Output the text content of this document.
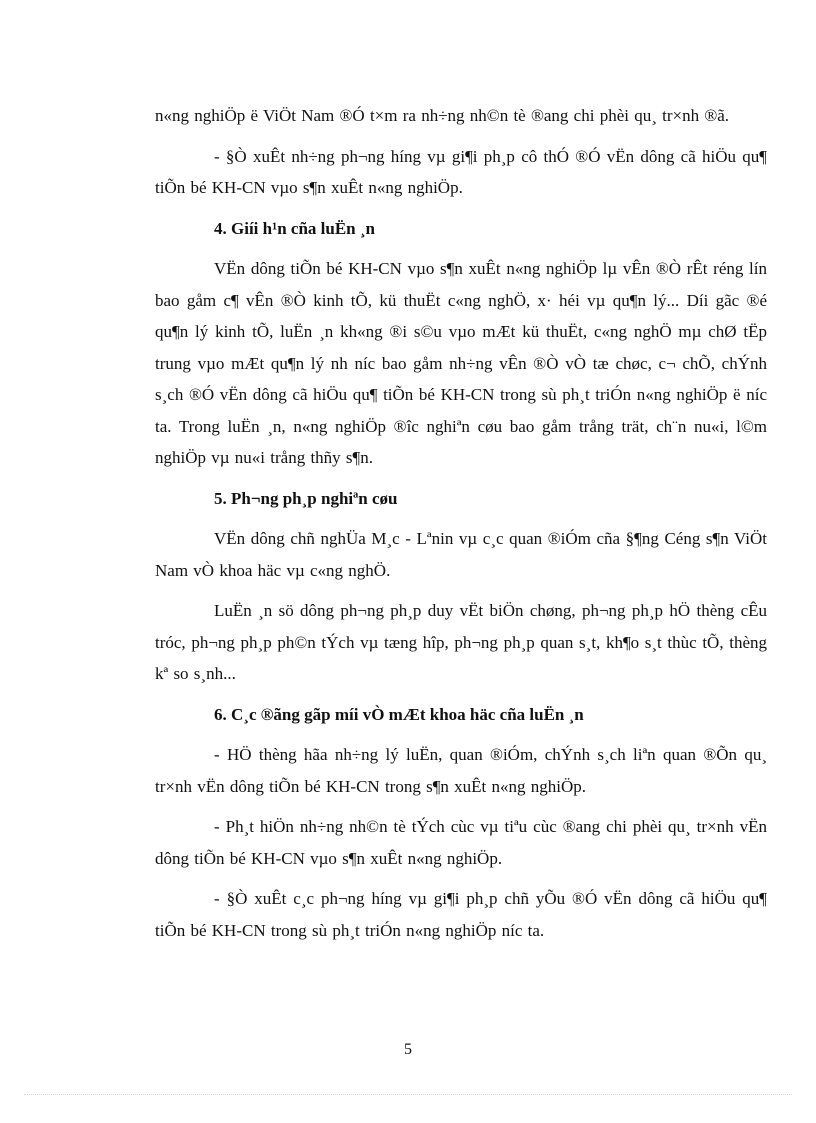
n«ng nghiÖp ë ViÖt Nam ®Ó t×m ra nh÷ng nh©n tè ®ang chi phèi qu¸ tr×nh ®ã.

- §Ò xuÊt nh÷ng ph¬ng híng vµ gi¶i ph¸p cô thÓ ®Ó vËn dông cã hiÖu qu¶ tiÕn bé KH-CN vµo s¶n xuÊt n«ng nghiÖp.

4. Giíi h¹n cña luËn ¸n

VËn dông tiÕn bé KH-CN vµo s¶n xuÊt n«ng nghiÖp lµ vÊn ®Ò rÊt réng lín bao gåm c¶ vÊn ®Ò kinh tÕ, kü thuËt c«ng nghÖ, x· héi vµ qu¶n lý... Díi gãc ®é qu¶n lý kinh tÕ, luËn ¸n kh«ng ®i s©u vµo mÆt kü thuËt, c«ng nghÖ mµ chØ tËp trung vµo mÆt qu¶n lý nh níc bao gåm nh÷ng vÊn ®Ò vÒ tæ chøc, c¬ chÕ, chÝnh s¸ch ®Ó vËn dông cã hiÖu qu¶ tiÕn bé KH-CN trong sù ph¸t triÓn n«ng nghiÖp ë níc ta. Trong luËn ¸n, n«ng nghiÖp ®îc nghiªn cøu bao gåm trång trät, ch¨n nu«i, l©m nghiÖp vµ nu«i trång thñy s¶n.

5. Ph¬ng ph¸p nghiªn cøu

VËn dông chñ nghÜa M¸c - Lªnin vµ c¸c quan ®iÓm cña §¶ng Céng s¶n ViÖt Nam vÒ khoa häc vµ c«ng nghÖ.

LuËn ¸n sö dông ph¬ng ph¸p duy vËt biÖn chøng, ph¬ng ph¸p hÖ thèng cÊu tróc, ph¬ng ph¸p ph©n tÝch vµ tæng hîp, ph¬ng ph¸p quan s¸t, kh¶o s¸t thùc tÕ, thèng kª so s¸nh...

6. C¸c ®ãng gãp míi vÒ mÆt khoa häc cña luËn ¸n

- HÖ thèng hãa nh÷ng lý luËn, quan ®iÓm, chÝnh s¸ch liªn quan ®Õn qu¸ tr×nh vËn dông tiÕn bé KH-CN trong s¶n xuÊt n«ng nghiÖp.

- Ph¸t hiÖn nh÷ng nh©n tè tÝch cùc vµ tiªu cùc ®ang chi phèi qu¸ tr×nh vËn dông tiÕn bé KH-CN vµo s¶n xuÊt n«ng nghiÖp.

- §Ò xuÊt c¸c ph¬ng híng vµ gi¶i ph¸p chñ yÕu ®Ó vËn dông cã hiÖu qu¶ tiÕn bé KH-CN trong sù ph¸t triÓn n«ng nghiÖp níc ta.

5
